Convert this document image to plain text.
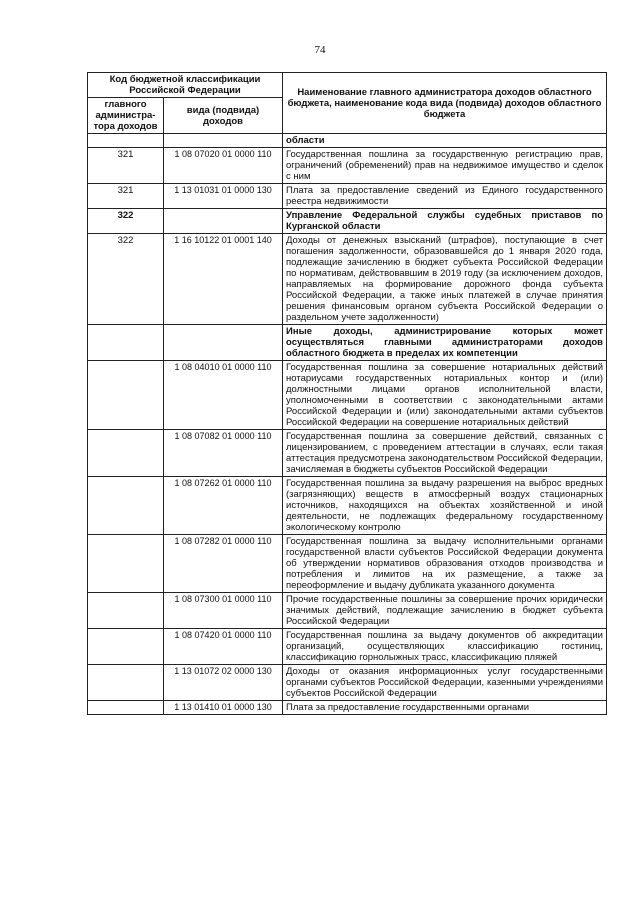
74
Код бюджетной классификации Российской Федерации		Наименование главного администратора доходов областного бюджета, наименование кода вида (подвида) доходов областного бюджета
главного администра-тора доходов	вида (подвида) доходов	
		области
321	1 08 07020 01 0000 110	Государственная пошлина за государственную регистрацию прав, ограничений (обременений) прав на недвижимое имущество и сделок с ним
321	1 13 01031 01 0000 130	Плата за предоставление сведений из Единого государственного реестра недвижимости
322		Управление Федеральной службы судебных приставов по Курганской области
322	1 16 10122 01 0001 140	Доходы от денежных взысканий (штрафов), поступающие в счет погашения задолженности, образовавшейся до 1 января 2020 года, подлежащие зачислению в бюджет субъекта Российской Федерации по нормативам, действовавшим в 2019 году (за исключением доходов, направляемых на формирование дорожного фонда субъекта Российской Федерации, а также иных платежей в случае принятия решения финансовым органом субъекта Российской Федерации о раздельном учете задолженности)
		Иные доходы, администрирование которых может осуществляться главными администраторами доходов областного бюджета в пределах их компетенции
	1 08 04010 01 0000 110	Государственная пошлина за совершение нотариальных действий нотариусами государственных нотариальных контор и (или) должностными лицами органов исполнительной власти, уполномоченными в соответствии с законодательными актами Российской Федерации и (или) законодательными актами субъектов Российской Федерации на совершение нотариальных действий
	1 08 07082 01 0000 110	Государственная пошлина за совершение действий, связанных с лицензированием, с проведением аттестации в случаях, если такая аттестация предусмотрена законодательством Российской Федерации, зачисляемая в бюджеты субъектов Российской Федерации
	1 08 07262 01 0000 110	Государственная пошлина за выдачу разрешения на выброс вредных (загрязняющих) веществ в атмосферный воздух стационарных источников, находящихся на объектах хозяйственной и иной деятельности, не подлежащих федеральному государственному экологическому контролю
	1 08 07282 01 0000 110	Государственная пошлина за выдачу исполнительными органами государственной власти субъектов Российской Федерации документа об утверждении нормативов образования отходов производства и потребления и лимитов на их размещение, а также за переоформление и выдачу дубликата указанного документа
	1 08 07300 01 0000 110	Прочие государственные пошлины за совершение прочих юридически значимых действий, подлежащие зачислению в бюджет субъекта Российской Федерации
	1 08 07420 01 0000 110	Государственная пошлина за выдачу документов об аккредитации организаций, осуществляющих классификацию гостиниц, классификацию горнолыжных трасс, классификацию пляжей
	1 13 01072 02 0000 130	Доходы от оказания информационных услуг государственными органами субъектов Российской Федерации, казенными учреждениями субъектов Российской Федерации
	1 13 01410 01 0000 130	Плата за предоставление государственными органами
